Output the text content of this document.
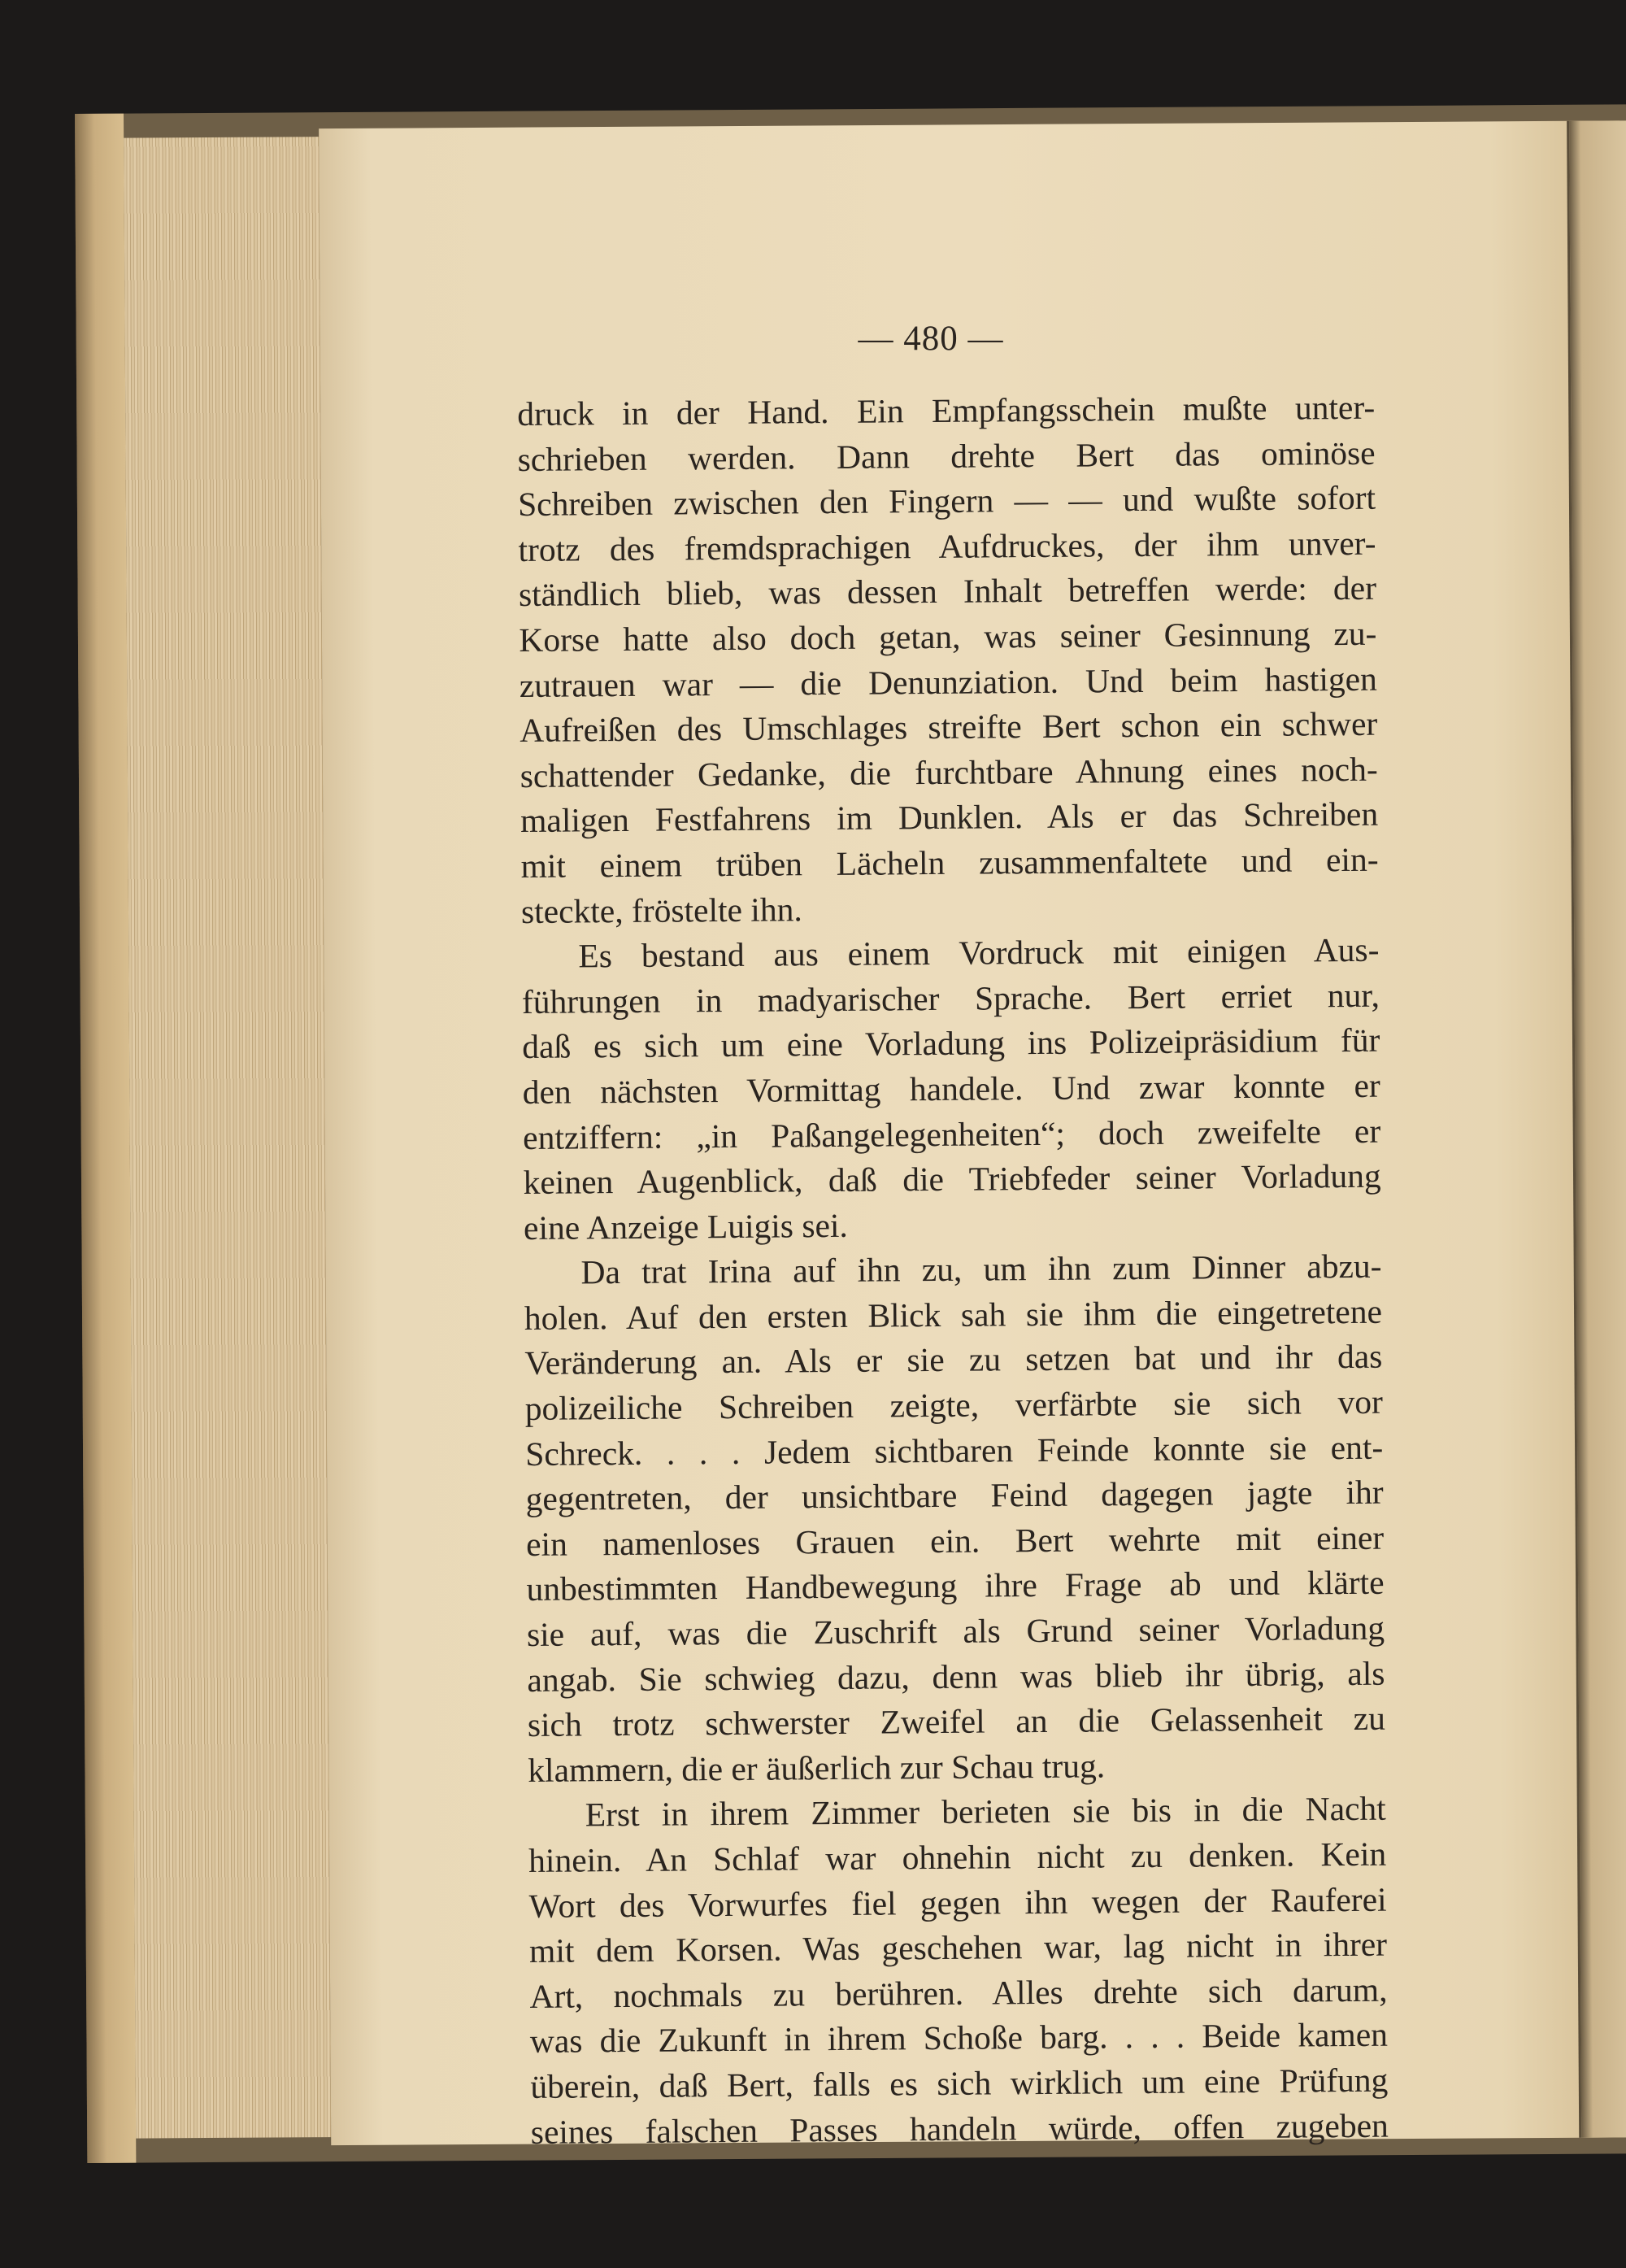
— 480 —
druck in der Hand. Ein Empfangsschein mußte unter-
schrieben werden. Dann drehte Bert das ominöse
Schreiben zwischen den Fingern — — und wußte sofort
trotz des fremdsprachigen Aufdruckes, der ihm unver-
ständlich blieb, was dessen Inhalt betreffen werde: der
Korse hatte also doch getan, was seiner Gesinnung zu-
zutrauen war — die Denunziation. Und beim hastigen
Aufreißen des Umschlages streifte Bert schon ein schwer
schattender Gedanke, die furchtbare Ahnung eines noch-
maligen Festfahrens im Dunklen. Als er das Schreiben
mit einem trüben Lächeln zusammenfaltete und ein-
steckte, fröstelte ihn.
Es bestand aus einem Vordruck mit einigen Aus-
führungen in madyarischer Sprache. Bert erriet nur,
daß es sich um eine Vorladung ins Polizeipräsidium für
den nächsten Vormittag handele. Und zwar konnte er
entziffern: „in Paßangelegenheiten“; doch zweifelte er
keinen Augenblick, daß die Triebfeder seiner Vorladung
eine Anzeige Luigis sei.
Da trat Irina auf ihn zu, um ihn zum Dinner abzu-
holen. Auf den ersten Blick sah sie ihm die eingetretene
Veränderung an. Als er sie zu setzen bat und ihr das
polizeiliche Schreiben zeigte, verfärbte sie sich vor
Schreck. . . . Jedem sichtbaren Feinde konnte sie ent-
gegentreten, der unsichtbare Feind dagegen jagte ihr
ein namenloses Grauen ein. Bert wehrte mit einer
unbestimmten Handbewegung ihre Frage ab und klärte
sie auf, was die Zuschrift als Grund seiner Vorladung
angab. Sie schwieg dazu, denn was blieb ihr übrig, als
sich trotz schwerster Zweifel an die Gelassenheit zu
klammern, die er äußerlich zur Schau trug.
Erst in ihrem Zimmer berieten sie bis in die Nacht
hinein. An Schlaf war ohnehin nicht zu denken. Kein
Wort des Vorwurfes fiel gegen ihn wegen der Rauferei
mit dem Korsen. Was geschehen war, lag nicht in ihrer
Art, nochmals zu berühren. Alles drehte sich darum,
was die Zukunft in ihrem Schoße barg. . . . Beide kamen
überein, daß Bert, falls es sich wirklich um eine Prüfung
seines falschen Passes handeln würde, offen zugeben
